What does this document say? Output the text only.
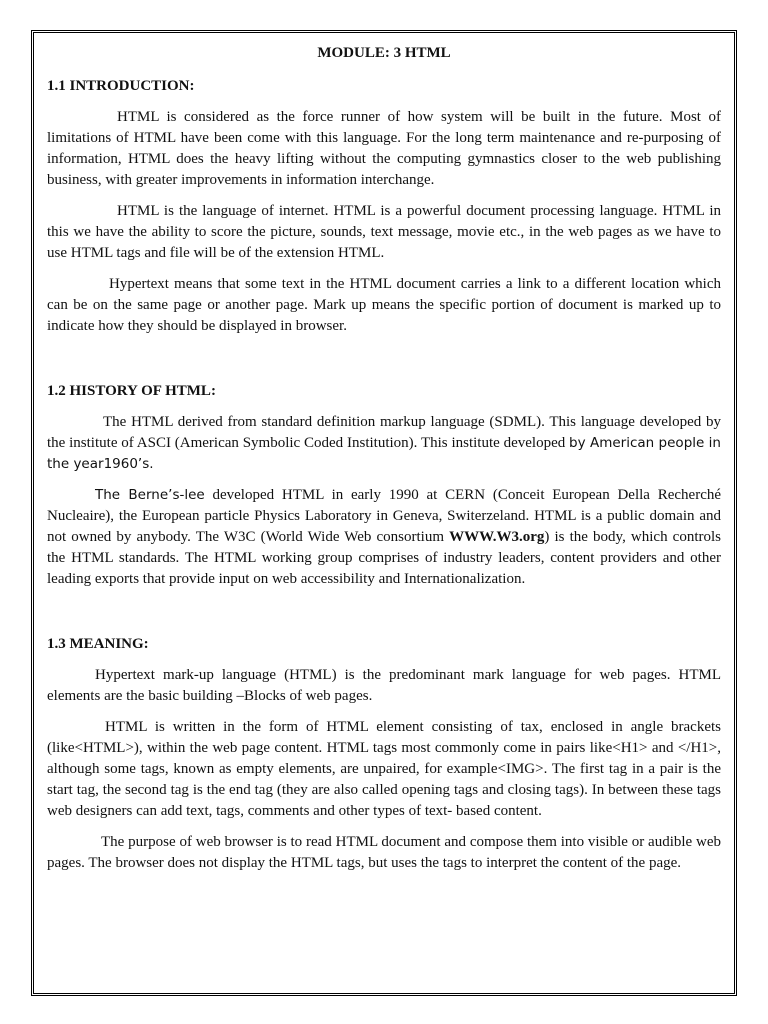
MODULE: 3 HTML
1.1 INTRODUCTION:

HTML is considered as the force runner of how system will be built in the future. Most of limitations of HTML have been come with this language. For the long term maintenance and re-purposing of information, HTML does the heavy lifting without the computing gymnastics closer to the web publishing business, with greater improvements in information interchange.

HTML is the language of internet. HTML is a powerful document processing language. HTML in this we have the ability to score the picture, sounds, text message, movie etc., in the web pages as we have to use HTML tags and file will be of the extension HTML.

Hypertext means that some text in the HTML document carries a link to a different location which can be on the same page or another page. Mark up means the specific portion of document is marked up to indicate how they should be displayed in browser.

1.2 HISTORY OF HTML:

The HTML derived from standard definition markup language (SDML). This language developed by the institute of ASCI (American Symbolic Coded Institution). This institute developed by American people in the year1960’s.

The Berne’s-lee developed HTML in early 1990 at CERN (Conceit European Della Recherché Nucleaire), the European particle Physics Laboratory in Geneva, Switerzeland. HTML is a public domain and not owned by anybody. The W3C (World Wide Web consortium WWW.W3.org) is the body, which controls the HTML standards. The HTML working group comprises of industry leaders, content providers and other leading exports that provide input on web accessibility and Internationalization.

1.3 MEANING:

Hypertext mark-up language (HTML) is the predominant mark language for web pages. HTML elements are the basic building –Blocks of web pages.

HTML is written in the form of HTML element consisting of tax, enclosed in angle brackets (like<HTML>), within the web page content. HTML tags most commonly come in pairs like<H1> and </H1>, although some tags, known as empty elements, are unpaired, for example<IMG>. The first tag in a pair is the start tag, the second tag is the end tag (they are also called opening tags and closing tags). In between these tags web designers can add text, tags, comments and other types of text- based content.

The purpose of web browser is to read HTML document and compose them into visible or audible web pages. The browser does not display the HTML tags, but uses the tags to interpret the content of the page.
